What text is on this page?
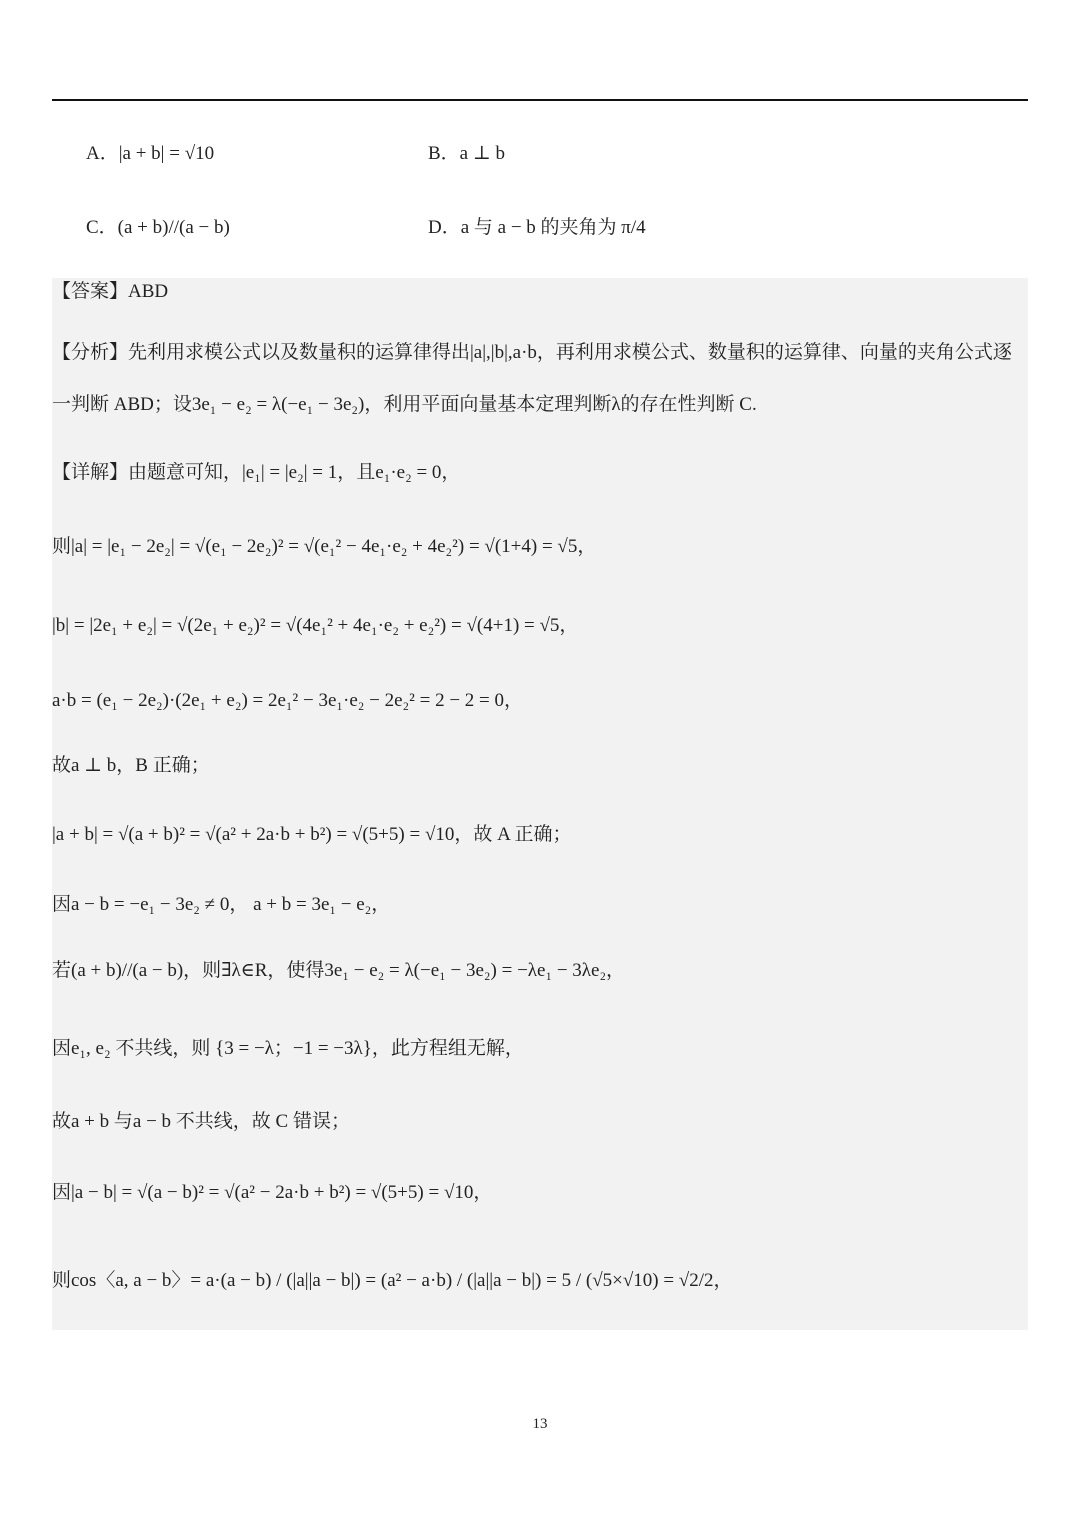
A．|a + b| = √10	B．a ⊥ b
C．(a + b)//(a − b)	D．a 与 a − b 的夹角为 π/4
【答案】ABD
【分析】先利用求模公式以及数量积的运算律得出|a|,|b|,a·b，再利用求模公式、数量积的运算律、向量的夹角公式逐
一判断 ABD；设3e₁ − e₂ = λ(−e₁ − 3e₂)，利用平面向量基本定理判断λ的存在性判断 C.
【详解】由题意可知，|e₁| = |e₂| = 1，且e₁·e₂ = 0，
则|a| = |e₁ − 2e₂| = √(e₁ − 2e₂)² = √(e₁² − 4e₁·e₂ + 4e₂²) = √(1+4) = √5，
|b| = |2e₁ + e₂| = √(2e₁ + e₂)² = √(4e₁² + 4e₁·e₂ + e₂²) = √(4+1) = √5，
a·b = (e₁ − 2e₂)·(2e₁ + e₂) = 2e₁² − 3e₁·e₂ − 2e₂² = 2 − 2 = 0，
故a ⊥ b，B 正确；
|a + b| = √(a + b)² = √(a² + 2a·b + b²) = √(5+5) = √10，故 A 正确；
因a − b = −e₁ − 3e₂ ≠ 0， a + b = 3e₁ − e₂，
若(a + b)//(a − b)，则∃λ∈R，使得3e₁ − e₂ = λ(−e₁ − 3e₂) = −λe₁ − 3λe₂，
因e₁, e₂ 不共线，则 {3 = −λ；−1 = −3λ}，此方程组无解，
故a + b 与a − b 不共线，故 C 错误；
因|a − b| = √(a − b)² = √(a² − 2a·b + b²) = √(5+5) = √10，
则cos〈a, a − b〉= a·(a − b) / (|a||a − b|) = (a² − a·b) / (|a||a − b|) = 5 / (√5×√10) = √2/2，
13
